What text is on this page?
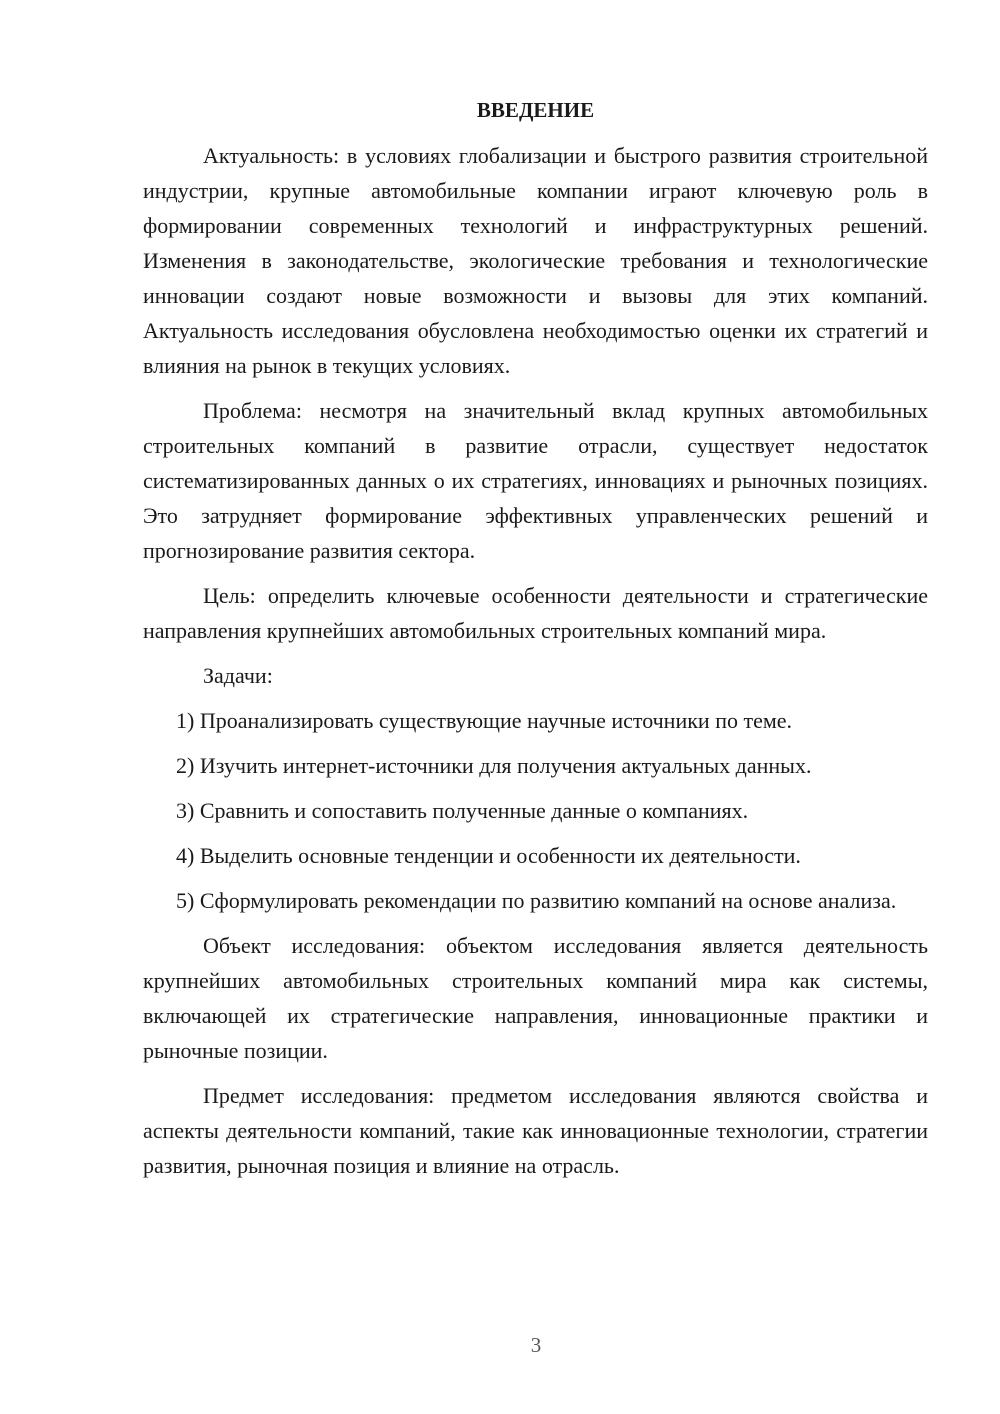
ВВЕДЕНИЕ

Актуальность: в условиях глобализации и быстрого развития строительной индустрии, крупные автомобильные компании играют ключевую роль в формировании современных технологий и инфраструктурных решений. Изменения в законодательстве, экологические требования и технологические инновации создают новые возможности и вызовы для этих компаний. Актуальность исследования обусловлена необходимостью оценки их стратегий и влияния на рынок в текущих условиях.

Проблема: несмотря на значительный вклад крупных автомобильных строительных компаний в развитие отрасли, существует недостаток систематизированных данных о их стратегиях, инновациях и рыночных позициях. Это затрудняет формирование эффективных управленческих решений и прогнозирование развития сектора.

Цель: определить ключевые особенности деятельности и стратегические направления крупнейших автомобильных строительных компаний мира.

Задачи:

1) Проанализировать существующие научные источники по теме.

2) Изучить интернет-источники для получения актуальных данных.

3) Сравнить и сопоставить полученные данные о компаниях.

4) Выделить основные тенденции и особенности их деятельности.

5) Сформулировать рекомендации по развитию компаний на основе анализа.

Объект исследования: объектом исследования является деятельность крупнейших автомобильных строительных компаний мира как системы, включающей их стратегические направления, инновационные практики и рыночные позиции.

Предмет исследования: предметом исследования являются свойства и аспекты деятельности компаний, такие как инновационные технологии, стратегии развития, рыночная позиция и влияние на отрасль.

3
